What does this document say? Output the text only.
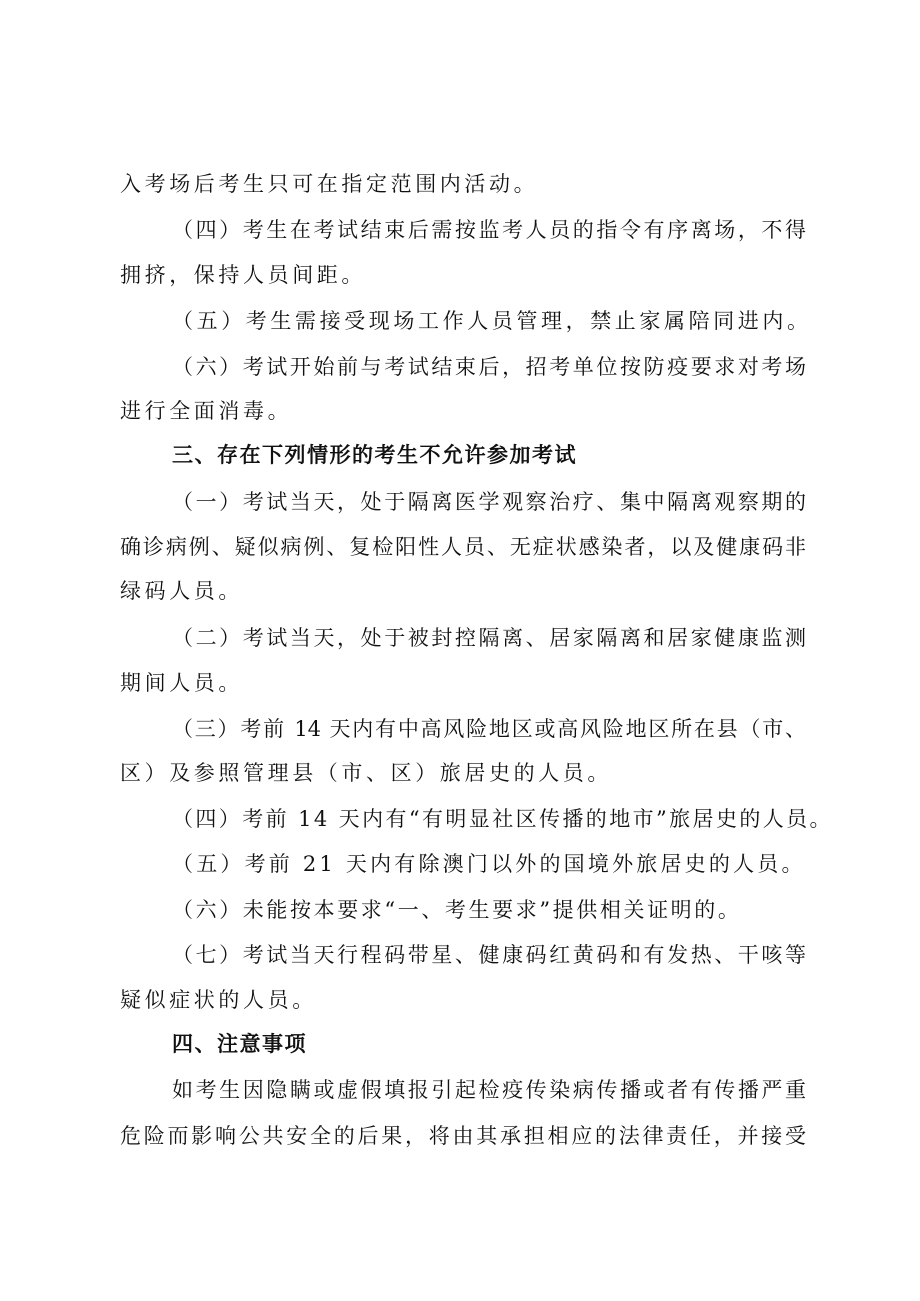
入考场后考生只可在指定范围内活动。
（四）考生在考试结束后需按监考人员的指令有序离场，不得
拥挤，保持人员间距。
（五）考生需接受现场工作人员管理，禁止家属陪同进内。
（六）考试开始前与考试结束后，招考单位按防疫要求对考场
进行全面消毒。
三、存在下列情形的考生不允许参加考试
（一）考试当天，处于隔离医学观察治疗、集中隔离观察期的
确诊病例、疑似病例、复检阳性人员、无症状感染者，以及健康码非
绿码人员。
（二）考试当天，处于被封控隔离、居家隔离和居家健康监测
期间人员。
（三）考前 14 天内有中高风险地区或高风险地区所在县（市、
区）及参照管理县（市、区）旅居史的人员。
（四）考前 14 天内有“有明显社区传播的地市”旅居史的人员。
（五）考前 21 天内有除澳门以外的国境外旅居史的人员。
（六）未能按本要求“一、考生要求”提供相关证明的。
（七）考试当天行程码带星、健康码红黄码和有发热、干咳等
疑似症状的人员。
四、注意事项
如考生因隐瞒或虚假填报引起检疫传染病传播或者有传播严重
危险而影响公共安全的后果，将由其承担相应的法律责任，并接受
